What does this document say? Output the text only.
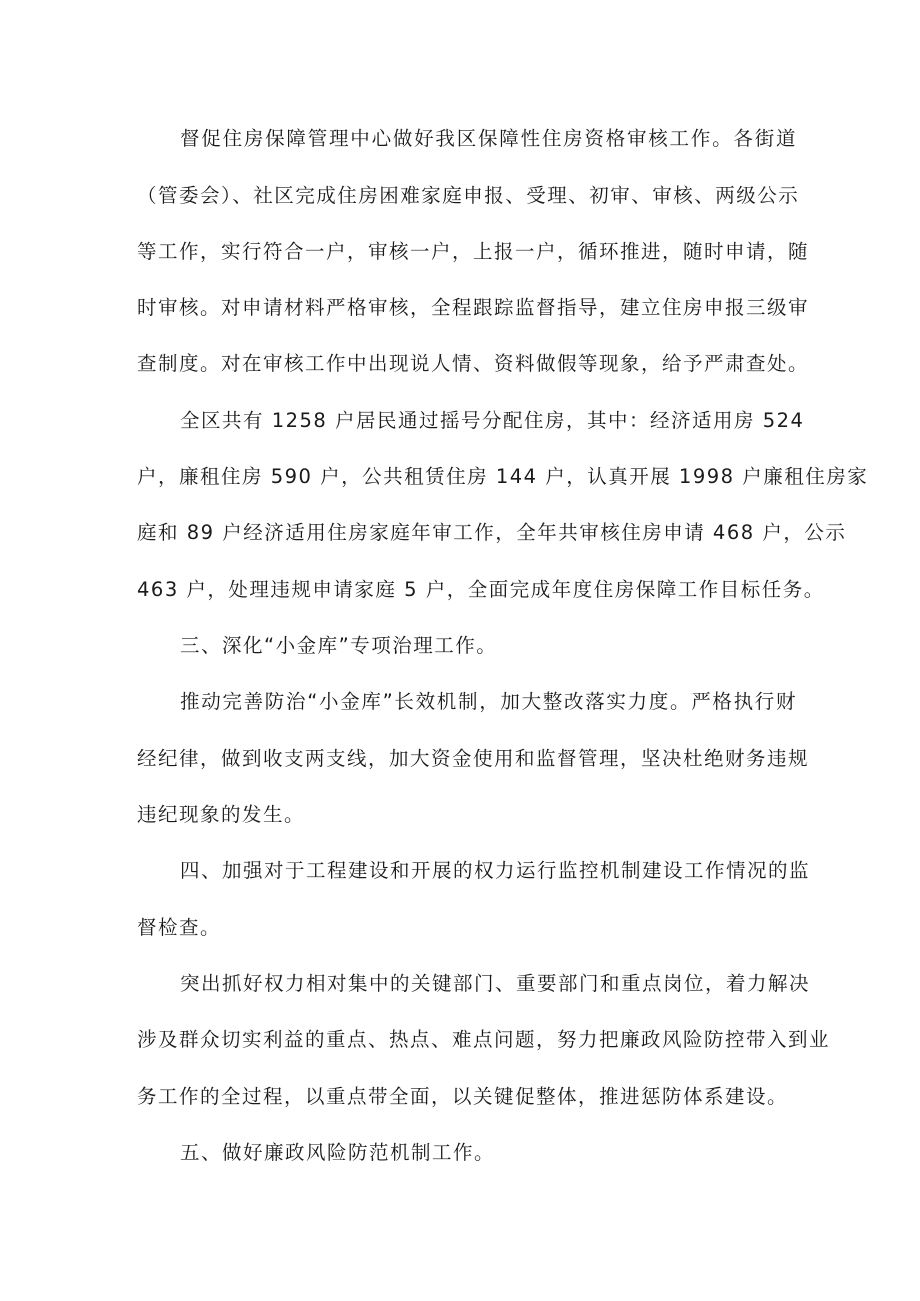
督促住房保障管理中心做好我区保障性住房资格审核工作。各街道
（管委会）、社区完成住房困难家庭申报、受理、初审、审核、两级公示
等工作，实行符合一户，审核一户，上报一户，循环推进，随时申请，随
时审核。对申请材料严格审核，全程跟踪监督指导，建立住房申报三级审
查制度。对在审核工作中出现说人情、资料做假等现象，给予严肃查处。
全区共有 1258 户居民通过摇号分配住房，其中：经济适用房 524
户，廉租住房 590 户，公共租赁住房 144 户，认真开展 1998 户廉租住房家
庭和 89 户经济适用住房家庭年审工作，全年共审核住房申请 468 户，公示
463 户，处理违规申请家庭 5 户，全面完成年度住房保障工作目标任务。
三、深化“小金库”专项治理工作。
推动完善防治“小金库”长效机制，加大整改落实力度。严格执行财
经纪律，做到收支两支线，加大资金使用和监督管理，坚决杜绝财务违规
违纪现象的发生。
四、加强对于工程建设和开展的权力运行监控机制建设工作情况的监
督检查。
突出抓好权力相对集中的关键部门、重要部门和重点岗位，着力解决
涉及群众切实利益的重点、热点、难点问题，努力把廉政风险防控带入到业
务工作的全过程，以重点带全面，以关键促整体，推进惩防体系建设。
五、做好廉政风险防范机制工作。
